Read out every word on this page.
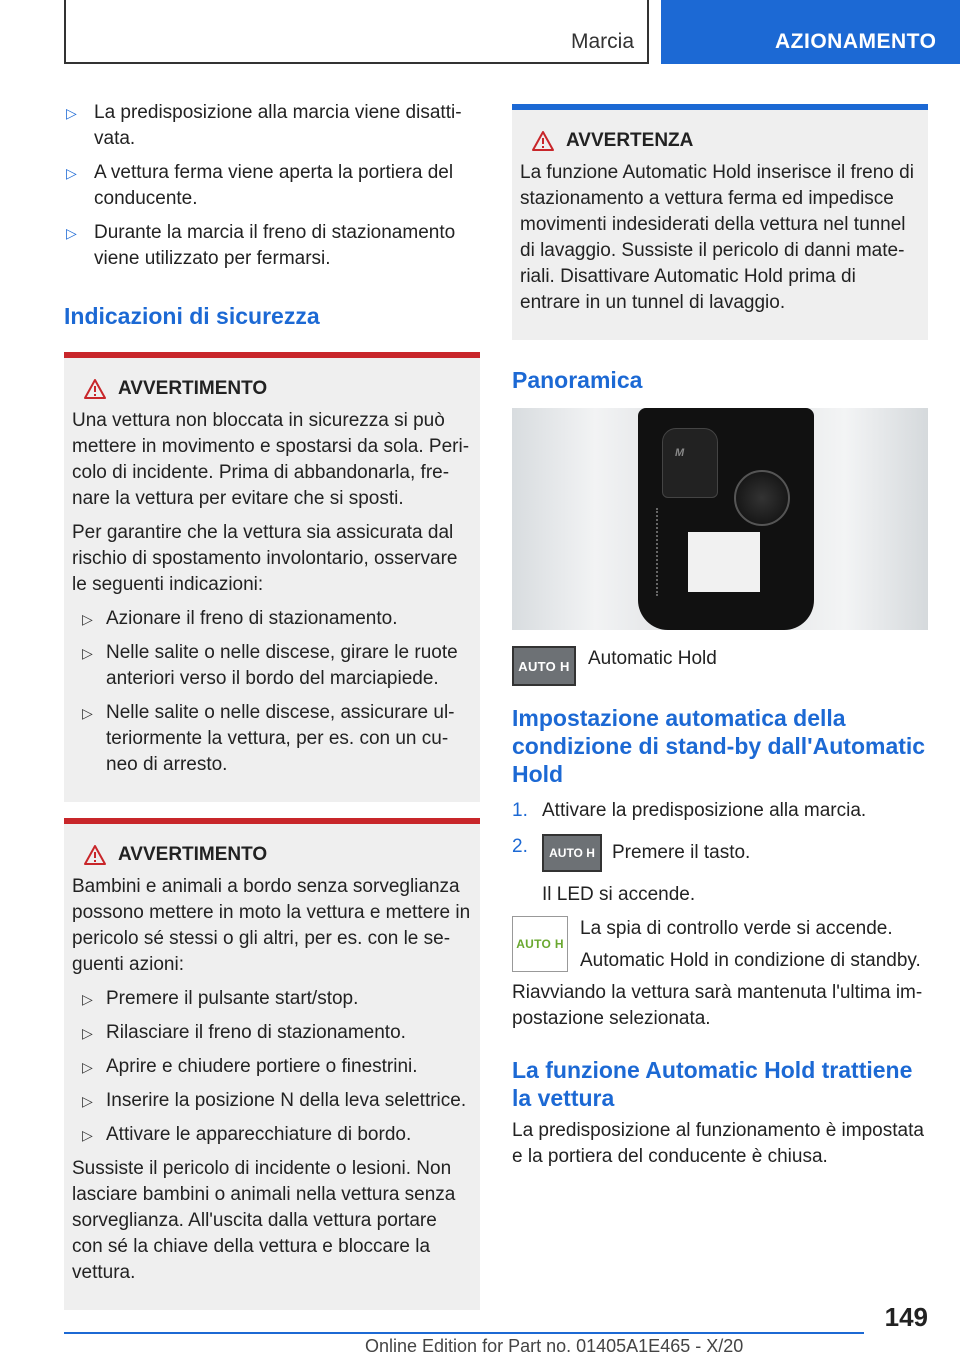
Marcia	AZIONAMENTO
▷ La predisposizione alla marcia viene disattivata.
▷ A vettura ferma viene aperta la portiera del conducente.
▷ Durante la marcia il freno di stazionamento viene utilizzato per fermarsi.
Indicazioni di sicurezza
AVVERTIMENTO

Una vettura non bloccata in sicurezza si può mettere in movimento e spostarsi da sola. Pericolo di incidente. Prima di abbandonarla, frenare la vettura per evitare che si sposti.

Per garantire che la vettura sia assicurata dal rischio di spostamento involontario, osservare le seguenti indicazioni:

▷ Azionare il freno di stazionamento.
▷ Nelle salite o nelle discese, girare le ruote anteriori verso il bordo del marciapiede.
▷ Nelle salite o nelle discese, assicurare ulteriormente la vettura, per es. con un cuneo di arresto.
AVVERTIMENTO

Bambini e animali a bordo senza sorveglianza possono mettere in moto la vettura e mettere in pericolo sé stessi o gli altri, per es. con le seguenti azioni:

▷ Premere il pulsante start/stop.
▷ Rilasciare il freno di stazionamento.
▷ Aprire e chiudere portiere o finestrini.
▷ Inserire la posizione N della leva selettrice.
▷ Attivare le apparecchiature di bordo.

Sussiste il pericolo di incidente o lesioni. Non lasciare bambini o animali nella vettura senza sorveglianza. All'uscita dalla vettura portare con sé la chiave della vettura e bloccare la vettura.

AVVERTENZA

La funzione Automatic Hold inserisce il freno di stazionamento a vettura ferma ed impedisce movimenti indesiderati della vettura nel tunnel di lavaggio. Sussiste il pericolo di danni materiali. Disattivare Automatic Hold prima di entrare in un tunnel di lavaggio.

Panoramica
M
AUTO H Automatic Hold

Impostazione automatica della condizione di stand-by dall'Automatic Hold
1. Attivare la predisposizione alla marcia.
2. AUTO H Premere il tasto.

Il LED si accende.

AUTO H

La spia di controllo verde si accende.

Automatic Hold in condizione di standby.

Riavviando la vettura sarà mantenuta l'ultima impostazione selezionata.

La funzione Automatic Hold trattiene la vettura

La predisposizione al funzionamento è impostata e la portiera del conducente è chiusa.

149
Online Edition for Part no. 01405A1E465 - X/20
